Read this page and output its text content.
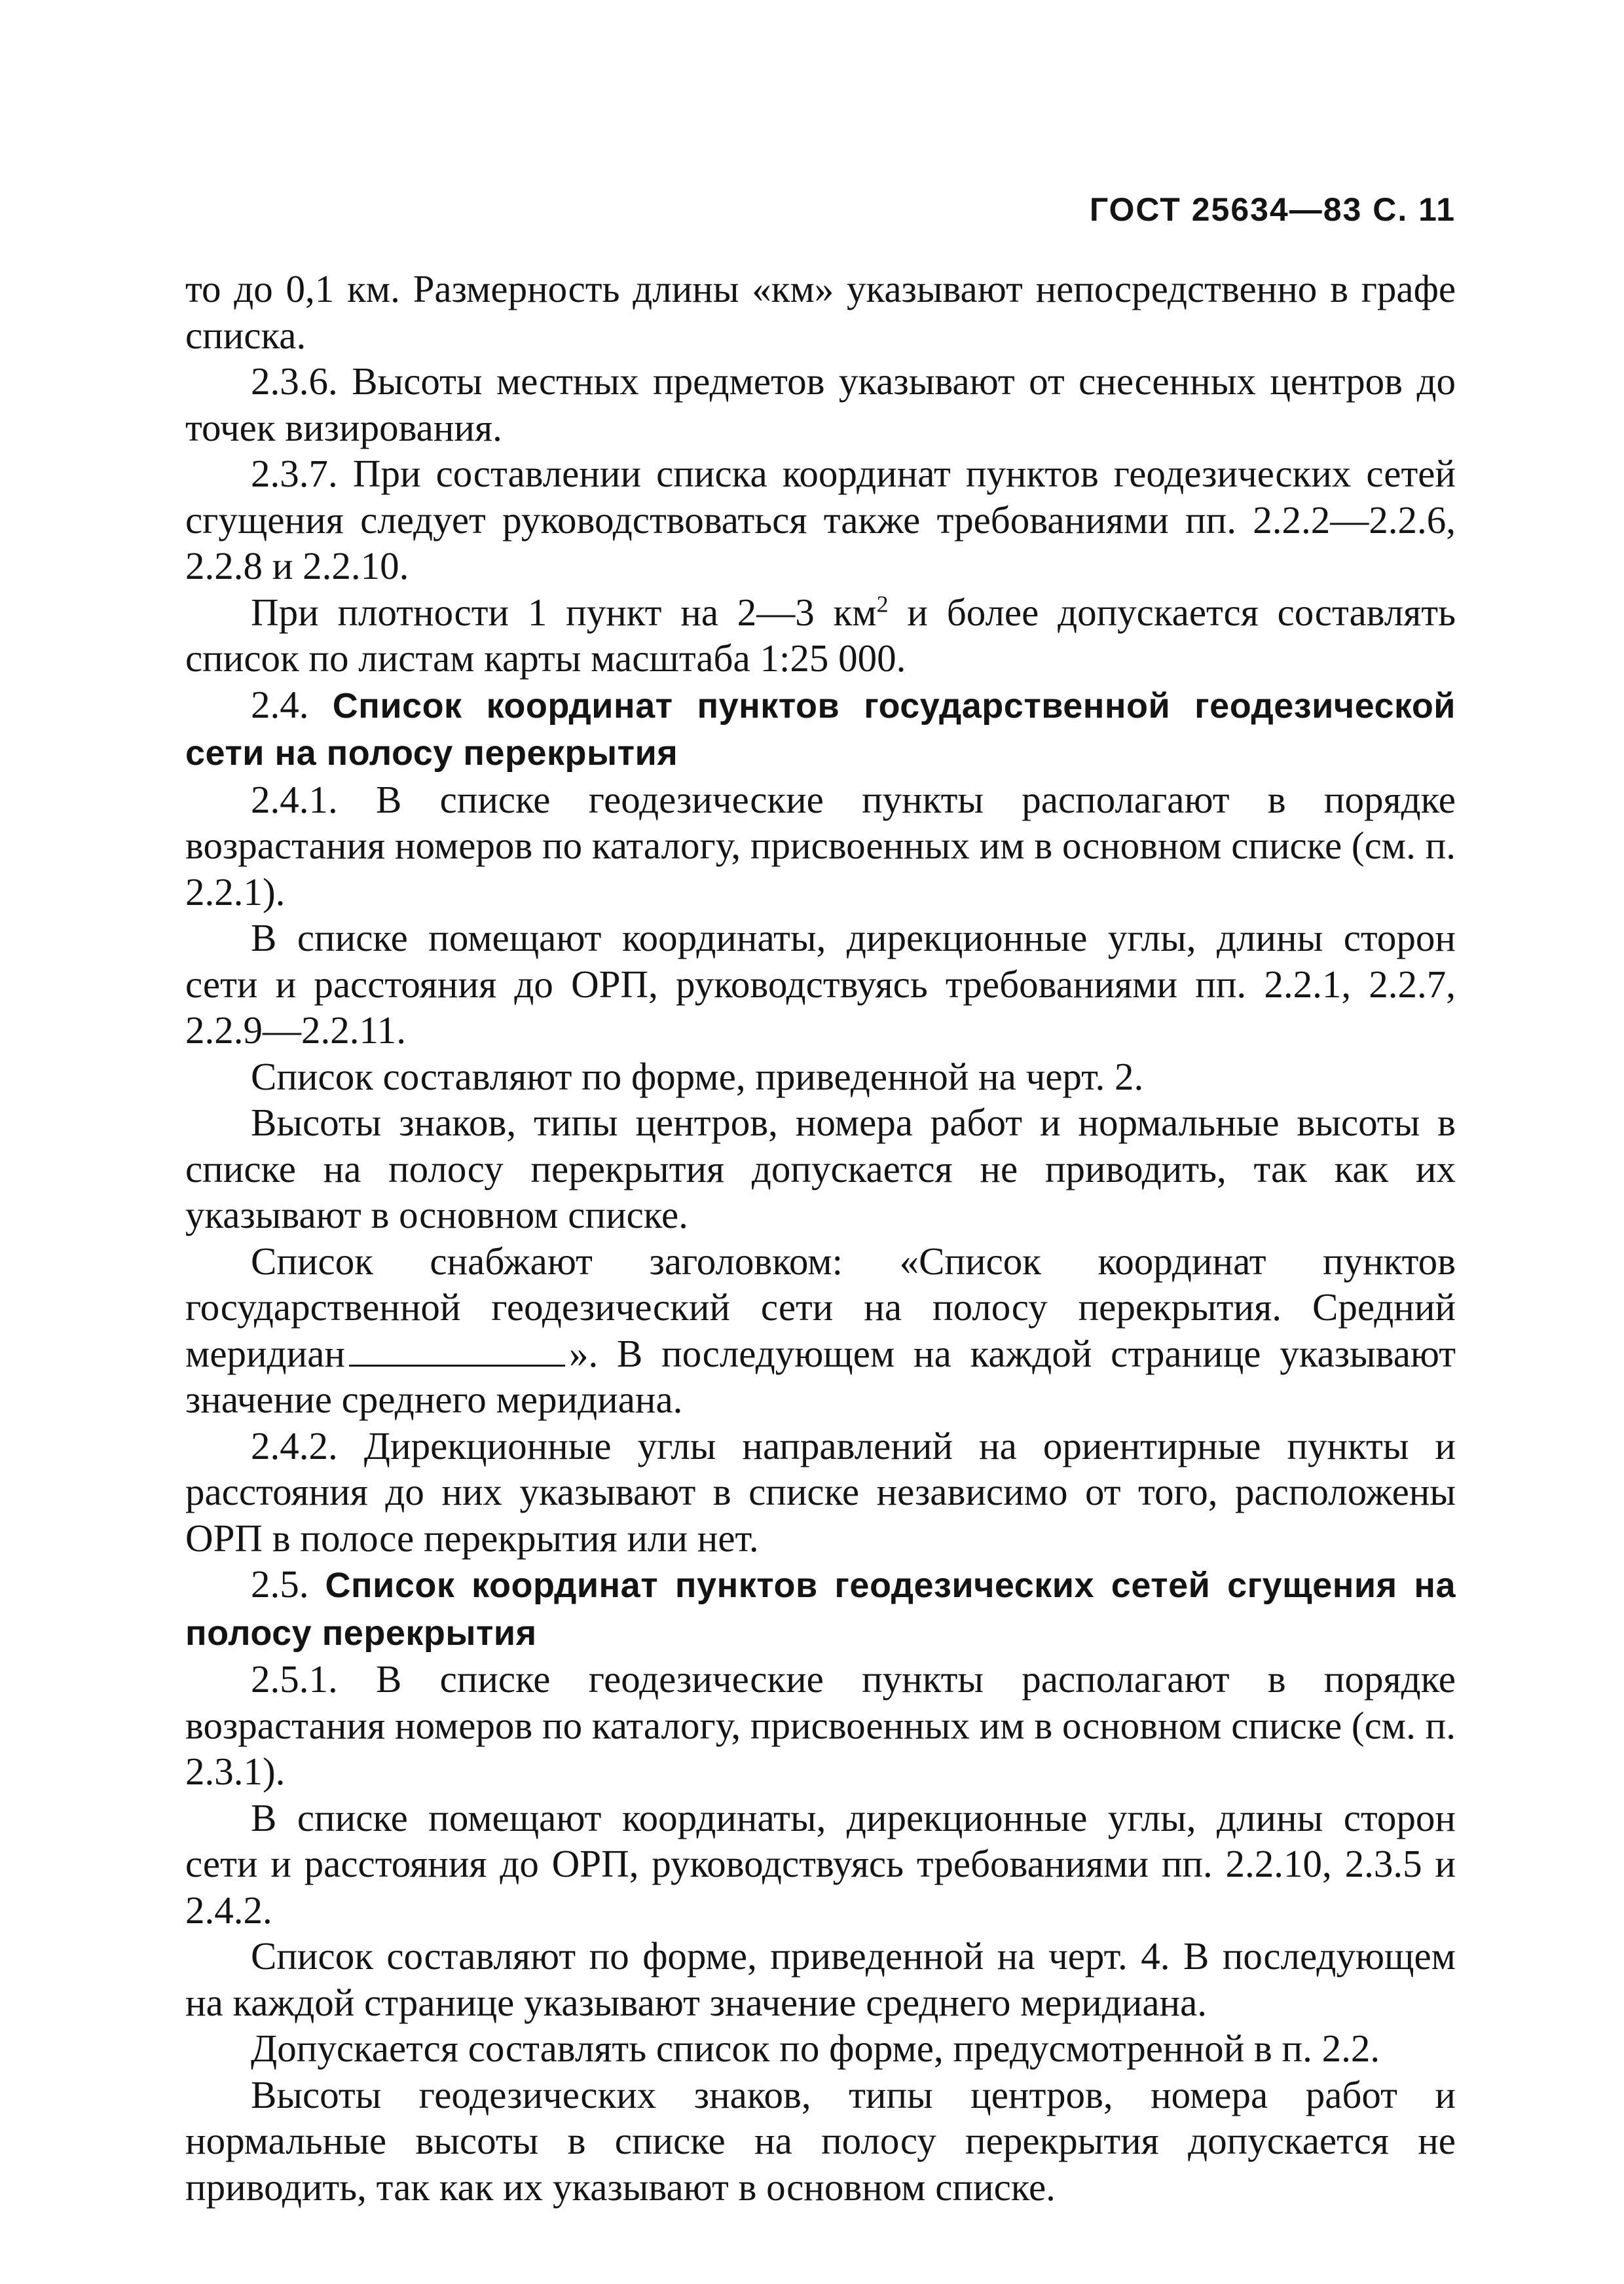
ГОСТ 25634—83 С. 11

то до 0,1 км. Размерность длины «км» указывают непосредственно в графе списка.

2.3.6. Высоты местных предметов указывают от снесенных центров до точек визирования.

2.3.7. При составлении списка координат пунктов геодезических сетей сгущения следует руководствоваться также требованиями пп. 2.2.2—2.2.6, 2.2.8 и 2.2.10.

При плотности 1 пункт на 2—3 $км^2$ и более допускается составлять список по листам карты масштаба 1:25 000.

2.4. Список координат пунктов государственной геодезической сети на полосу перекрытия

2.4.1. В списке геодезические пункты располагают в порядке возрастания номеров по каталогу, присвоенных им в основном списке (см. п. 2.2.1).

В списке помещают координаты, дирекционные углы, длины сторон сети и расстояния до ОРП, руководствуясь требованиями пп. 2.2.1, 2.2.7, 2.2.9—2.2.11.

Список составляют по форме, приведенной на черт. 2.

Высоты знаков, типы центров, номера работ и нормальные высоты в списке на полосу перекрытия допускается не приводить, так как их указывают в основном списке.

Список снабжают заголовком: «Список координат пунктов государственной геодезический сети на полосу перекрытия. Средний меридиан	». В последующем на каждой странице указывают значение среднего меридиана.

2.4.2. Дирекционные углы направлений на ориентирные пункты и расстояния до них указывают в списке независимо от того, расположены ОРП в полосе перекрытия или нет.

2.5. Список координат пунктов геодезических сетей сгущения на полосу перекрытия

2.5.1. В списке геодезические пункты располагают в порядке возрастания номеров по каталогу, присвоенных им в основном списке (см. п. 2.3.1).

В списке помещают координаты, дирекционные углы, длины сторон сети и расстояния до ОРП, руководствуясь требованиями пп. 2.2.10, 2.3.5 и 2.4.2.

Список составляют по форме, приведенной на черт. 4. В последующем на каждой странице указывают значение среднего меридиана.

Допускается составлять список по форме, предусмотренной в п. 2.2.

Высоты геодезических знаков, типы центров, номера работ и нормальные высоты в списке на полосу перекрытия допускается не приводить, так как их указывают в основном списке.
